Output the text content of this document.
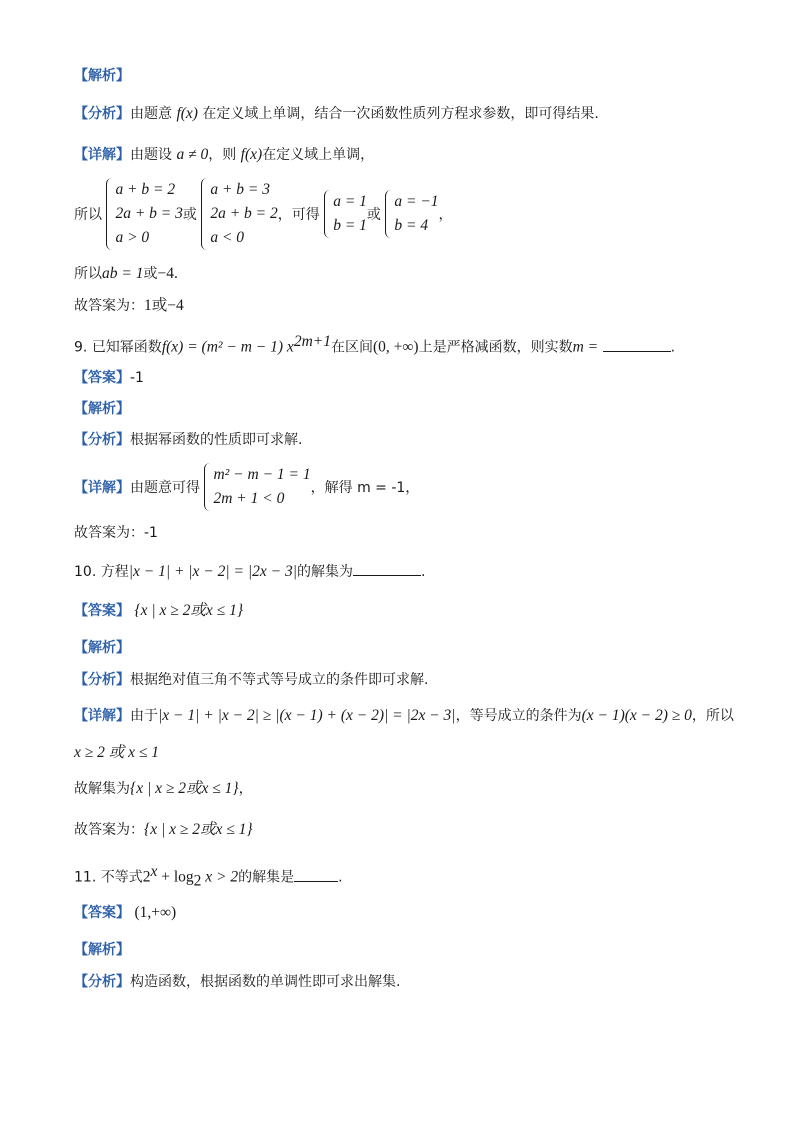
【解析】
【分析】由题意 f(x) 在定义域上单调，结合一次函数性质列方程求参数，即可得结果.
【详解】由题设 a ≠ 0，则 f(x)在定义域上单调，
所以
a + b = 2
2a + b = 3
a > 0
或
a + b = 3
2a + b = 2
a < 0
，可得
a = 1
b = 1
或
a = −1
b = 4
，
所以ab = 1或−4.
故答案为：1或−4
9. 已知幂函数f(x) = (m² − m − 1) $x^{2m+1}$在区间(0, +∞)上是严格减函数，则实数m =	.
【答案】-1
【解析】
【分析】根据幂函数的性质即可求解.
【详解】由题意可得
m² − m − 1 = 1
2m + 1 < 0
，解得 m = -1，
故答案为：-1
10. 方程|x − 1| + |x − 2| = |2x − 3|的解集为	.
【答案】 {x | x ≥ 2或x ≤ 1}
【解析】
【分析】根据绝对值三角不等式等号成立的条件即可求解.
【详解】由于|x − 1| + |x − 2| ≥ |(x − 1) + (x − 2)| = |2x − 3|，等号成立的条件为(x − 1)(x − 2) ≥ 0，所以
x ≥ 2 或 x ≤ 1
故解集为{x | x ≥ 2或x ≤ 1}，
故答案为：{x | x ≥ 2或x ≤ 1}
11. 不等式$2^x + \log_2 x > 2$的解集是	.
【答案】 (1,+∞)
【解析】
【分析】构造函数，根据函数的单调性即可求出解集.
